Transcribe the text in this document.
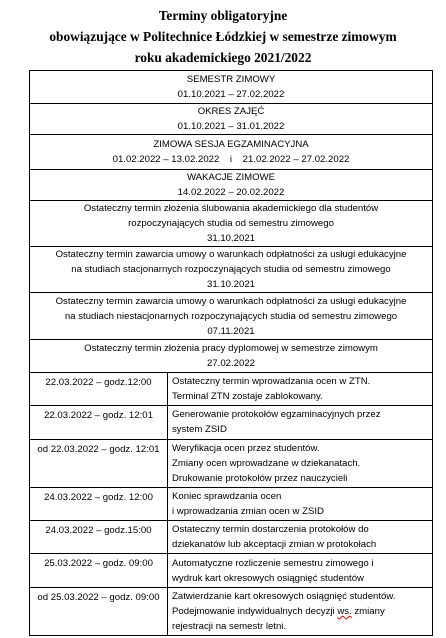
Terminy obligatoryjne
obowiązujące w Politechnice Łódzkiej w semestrze zimowym
roku akademickiego 2021/2022
SEMESTR ZIMOWY
01.10.2021 – 27.02.2022	

OKRES ZAJĘĆ
01.10.2021 – 31.01.2022	

ZIMOWA SESJA EGZAMINACYJNA
01.02.2022 – 13.02.2022 i 21.02.2022 – 27.02.2022	

WAKACJE ZIMOWE
14.02.2022 – 20.02.2022	

Ostateczny termin złożenia ślubowania akademickiego dla studentów
rozpoczynających studia od semestru zimowego
31.10.2021	

Ostateczny termin zawarcia umowy o warunkach odpłatności za usługi edukacyjne
na studiach stacjonarnych rozpoczynających studia od semestru zimowego
31.10.2021	

Ostateczny termin zawarcia umowy o warunkach odpłatności za usługi edukacyjne
na studiach niestacjonarnych rozpoczynających studia od semestru zimowego
07.11.2021	

Ostateczny termin złożenia pracy dyplomowej w semestrze zimowym
27.02.2022	

22.03.2022 – godz.12:00	Ostateczny termin wprowadzania ocen w ZTN.
Terminal ZTN zostaje zablokowany.

22.03.2022 – godz. 12:01	Generowanie protokołów egzaminacyjnych przez
system ZSID

od 22.03.2022 – godz. 12:01	Weryfikacja ocen przez studentów.
Zmiany ocen wprowadzane w dziekanatach.
Drukowanie protokołów przez nauczycieli

24.03.2022 – godz. 12:00	Koniec sprawdzania ocen
i wprowadzania zmian ocen w ZSID

24.03.2022 – godz.15:00	Ostateczny termin dostarczenia protokołów do
dziekanatów lub akceptacji zmian w protokołach

25.03.2022 – godz. 09:00	Automatyczne rozliczenie semestru zimowego i
wydruk kart okresowych osiągnięć studentów

od 25.03.2022 – godz. 09:00	Zatwierdzanie kart okresowych osiągnięć studentów.
Podejmowanie indywidualnych decyzji ws. zmiany
rejestracji na semestr letni.
